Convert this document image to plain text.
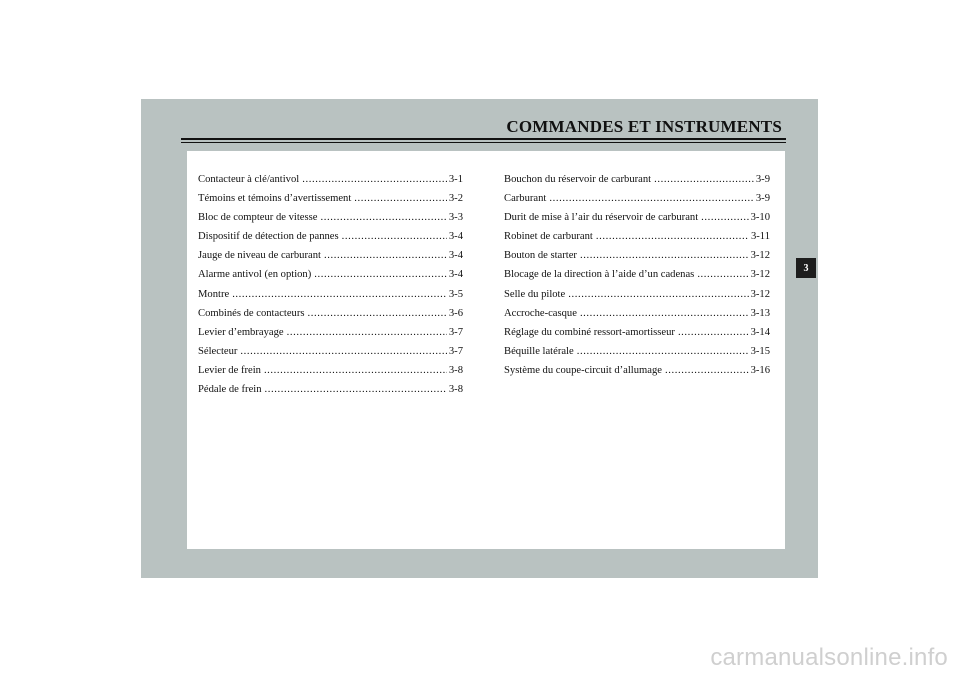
COMMANDES ET INSTRUMENTS
Contacteur à clé/antivol .....	3-1
Témoins et témoins d’avertissement .....	3-2
Bloc de compteur de vitesse .....	3-3
Dispositif de détection de pannes .....	3-4
Jauge de niveau de carburant .....	3-4
Alarme antivol (en option) .....	3-4
Montre .....	3-5
Combinés de contacteurs .....	3-6
Levier d’embrayage .....	3-7
Sélecteur .....	3-7
Levier de frein .....	3-8
Pédale de frein .....	3-8
Bouchon du réservoir de carburant .....	3-9
Carburant .....	3-9
Durit de mise à l’air du réservoir de carburant .....	3-10
Robinet de carburant .....	3-11
Bouton de starter .....	3-12
Blocage de la direction à l’aide d’un cadenas .....	3-12
Selle du pilote .....	3-12
Accroche-casque .....	3-13
Réglage du combiné ressort-amortisseur .....	3-14
Béquille latérale .....	3-15
Système du coupe-circuit d’allumage .....	3-16
3
carmanualsonline.info
